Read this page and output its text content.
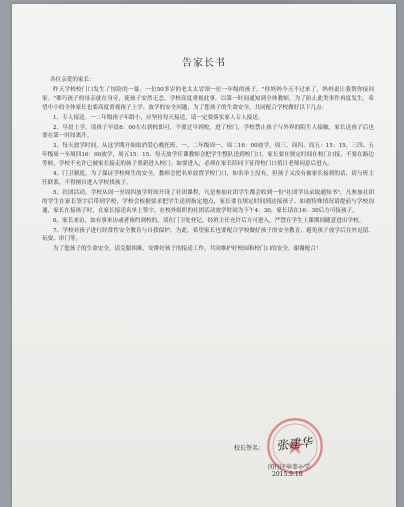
告家长书

各位亲爱的家长：

昨天学校校门口发生了惊险的一幕，一位50多岁的老太太冒领一位一年级的孩子，"你妈妈今天不过来了，妈妈说让我帮你接回家。"璀巧孩子的母亲就在身旁，使孩子安然无恙。学校高度重视此事，以第一时间通知到全体教师，为了防止此类事件再度发生，希望中小的全体家长也要高度重视孩子上学、放学的安全问题，为了您孩子的生命安全，共同配合学校做好以下几点：

1、专人接送。一二年级孩子年龄小，应坚持每天接送，请一定要落实家人专人接送。

2、早晨上学，请孩子早晨8：00左右到校即可，不要过早到校。进了校门，学校禁止孩子与外界的陌生人接触，家长送孩子后也要在第一时间离开。

3、每天放学时间，从这学期开始取消爱心晚托班，一、二年级周一、周二16：00放学，周三、周四、周五：15：15，三四、五年级周一至周四16：00放学，周五15：15。每天放学任课教师会把学生整队送到校门口，家长要在规定时间在校门口接，不要在路边等候，学校不允许已被家长接走的孩子重新进入校门。如要进入，必须在家长陪同下征得校门口值日老师同意后进入。

4、门卫制度。为了保证学校师生的安全，教师会把名单放置学校门口，如名单上没有，但孩子又没有被家长接到的话，请与班主任联系，不得擅自进入学校找孩子。

5、社团活动。学校从周一至周四放学时间开设了社团课程，凡是参加社团学生都会收到一份"社团学员录取通知书"，凡参加社团的学生在家长签字后带到学校，学校会根据要求把学生送到指定地点，家长要在规定时间到达接孩子。如遇特殊情况请提前与学校沟通，家长在接孩子时，在家长接送名单上签字，在校外组织的社团活动放学时间为下午4：30，家长请在16：30后方可接孩子。

6、家长来访，如有事来访或者预约到校的，请在门卫处登记，经班主任允许后方可进入，严禁在学生上课期间随意进出学校。

7、学校对孩子进行经常性安全教育与自我保护，为此，希望家长也要配合学校做好孩子的安全教育，避免孩子放学后在外逗留、玩耍、串门等。

为了您孩子的生命安全，请克服困难，安排好孩子的接送工作，共同维护好校园和校门口的安全，谢谢配合！

校长签名： 张建华
闵行区申莘小学
2015.9.18
